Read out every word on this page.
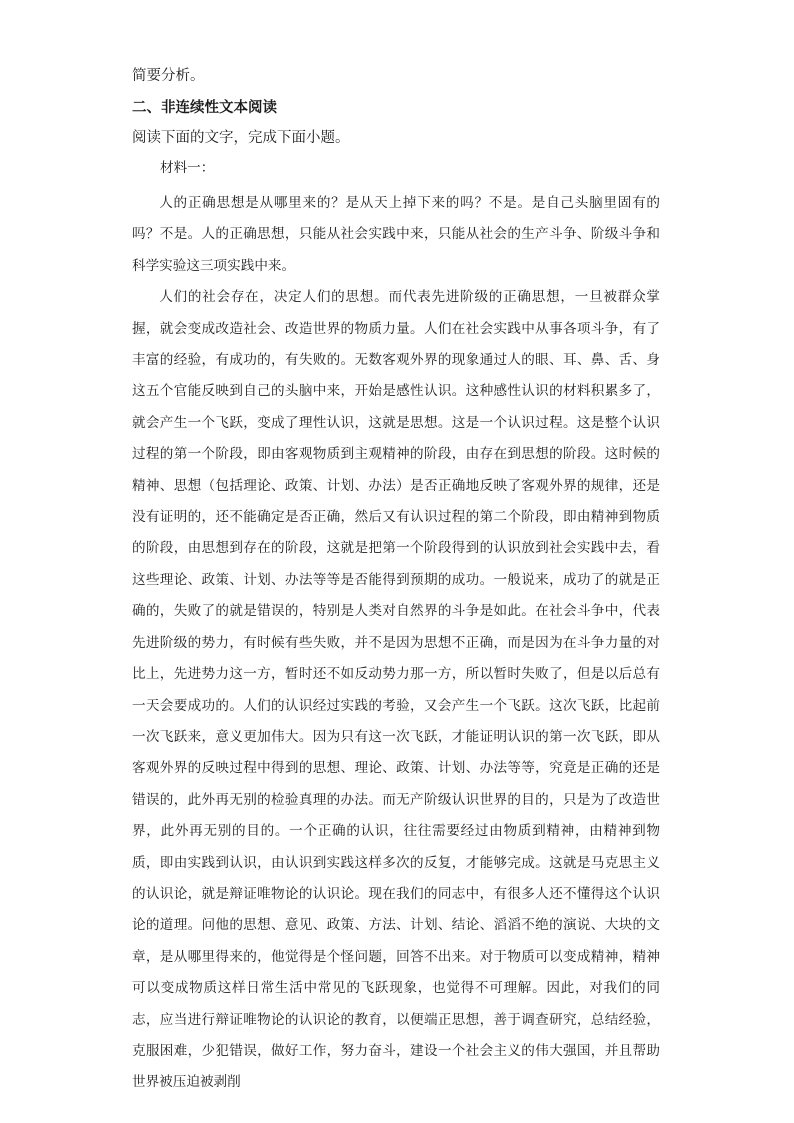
简要分析。
二、非连续性文本阅读
阅读下面的文字，完成下面小题。
材料一：

人的正确思想是从哪里来的？是从天上掉下来的吗？不是。是自己头脑里固有的吗？不是。人的正确思想，只能从社会实践中来，只能从社会的生产斗争、阶级斗争和科学实验这三项实践中来。

人们的社会存在，决定人们的思想。而代表先进阶级的正确思想，一旦被群众掌握，就会变成改造社会、改造世界的物质力量。人们在社会实践中从事各项斗争，有了丰富的经验，有成功的，有失败的。无数客观外界的现象通过人的眼、耳、鼻、舌、身这五个官能反映到自己的头脑中来，开始是感性认识。这种感性认识的材料积累多了，就会产生一个飞跃，变成了理性认识，这就是思想。这是一个认识过程。这是整个认识过程的第一个阶段，即由客观物质到主观精神的阶段，由存在到思想的阶段。这时候的精神、思想（包括理论、政策、计划、办法）是否正确地反映了客观外界的规律，还是没有证明的，还不能确定是否正确，然后又有认识过程的第二个阶段，即由精神到物质的阶段，由思想到存在的阶段，这就是把第一个阶段得到的认识放到社会实践中去，看这些理论、政策、计划、办法等等是否能得到预期的成功。一般说来，成功了的就是正确的，失败了的就是错误的，特别是人类对自然界的斗争是如此。在社会斗争中，代表先进阶级的势力，有时候有些失败，并不是因为思想不正确，而是因为在斗争力量的对比上，先进势力这一方，暂时还不如反动势力那一方，所以暂时失败了，但是以后总有一天会要成功的。人们的认识经过实践的考验，又会产生一个飞跃。这次飞跃，比起前一次飞跃来，意义更加伟大。因为只有这一次飞跃，才能证明认识的第一次飞跃，即从客观外界的反映过程中得到的思想、理论、政策、计划、办法等等，究竟是正确的还是错误的，此外再无别的检验真理的办法。而无产阶级认识世界的目的，只是为了改造世界，此外再无别的目的。一个正确的认识，往往需要经过由物质到精神，由精神到物质，即由实践到认识，由认识到实践这样多次的反复，才能够完成。这就是马克思主义的认识论，就是辩证唯物论的认识论。现在我们的同志中，有很多人还不懂得这个认识论的道理。问他的思想、意见、政策、方法、计划、结论、滔滔不绝的演说、大块的文章，是从哪里得来的，他觉得是个怪问题，回答不出来。对于物质可以变成精神，精神可以变成物质这样日常生活中常见的飞跃现象，也觉得不可理解。因此，对我们的同志，应当进行辩证唯物论的认识论的教育，以便端正思想，善于调查研究，总结经验，克服困难，少犯错误，做好工作，努力奋斗，建设一个社会主义的伟大强国，并且帮助世界被压迫被剥削
